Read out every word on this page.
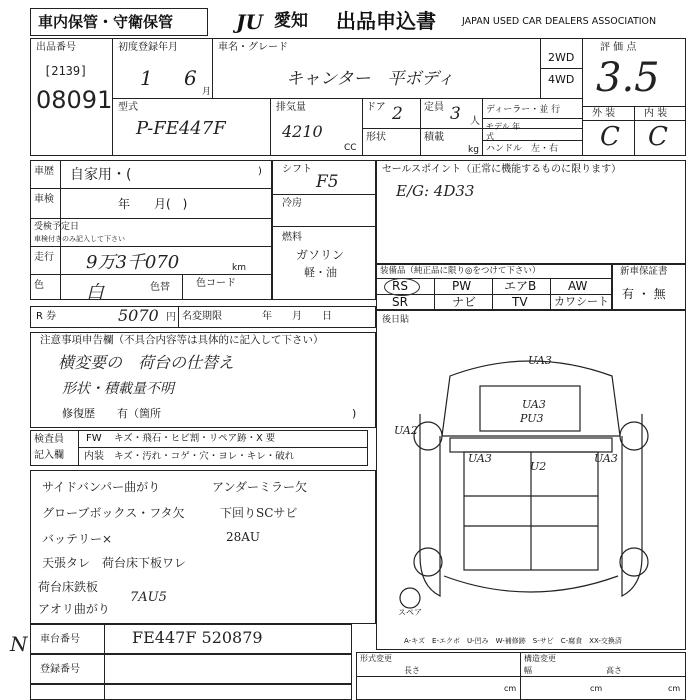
車内保管・守衛保管	JU 愛知 出品申込書	JAPAN USED CAR DEALERS ASSOCIATION
出品番号
[2139]
08091
初度登録年月
1 6
月
車名・グレード
キャンター　平ボディ
2WD
4WD
評 価 点
3.5
型式
P-FE447F
排気量
4210
CC
ドア 2 定員 3 人
形状	積載
kg
ディーラー・並 行
モデル 年式
ハンドル　左・右
外 装	内 装
C C
車歴 自家用・(	)
車検	年　　月(　)
受検予定日
車検付きのみ記入して下さい
走行 9万3千070	km
色 白	色替	色コード
シフト
F5
冷房
燃料
ガソリン
軽・油
セールスポイント（正常に機能するものに限ります）
E/G: 4D33
装備品（純正品に限り◎をつけて下さい）
RS	PW	エアB	AW
SR	ナビ	TV カワシート
新車保証書
有 ・ 無
R 券	5070 円 名変期限	年　　月　　日	後日貼
注意事項申告欄（不具合内容等は具体的に記入して下さい）
横変要の　荷台の仕替え
形状・積載量不明
修復歴　　有（箇所	)
検査員
記入欄
FW キズ・飛石・ヒビ割・リペア跡・X 要
内装 キズ・汚れ・コゲ・穴・ヨレ・キレ・破れ
サイドバンパー曲がり	アンダーミラー欠
グローブボックス・フタ欠	下回りSCサビ
バッテリー×	28AU
天張タレ　荷台床下板ワレ
荷台床鉄板
アオリ曲がり
7AU5
UA3
UA3
PU3
UA2
UA3
U2
UA3
スペア
A-キズ　E-エクボ　U-凹み　W-補修跡　S-サビ　C-腐食　XX-交換済
N 車台番号	FE447F 520879
登録番号
形式変更	構造変更
長さ	幅	高さ
cm	cm	cm
